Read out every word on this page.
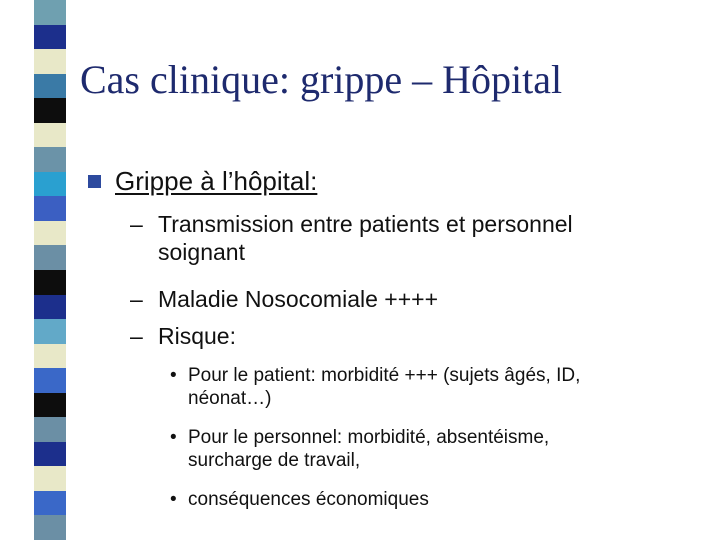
Cas clinique: grippe – Hôpital
Grippe à l’hôpital:
– Transmission entre patients et personnel
soignant
– Maladie Nosocomiale ++++
– Risque:
• Pour le patient: morbidité +++ (sujets âgés, ID,
néonat…)
• Pour le personnel: morbidité, absentéisme,
surcharge de travail,
• conséquences économiques
